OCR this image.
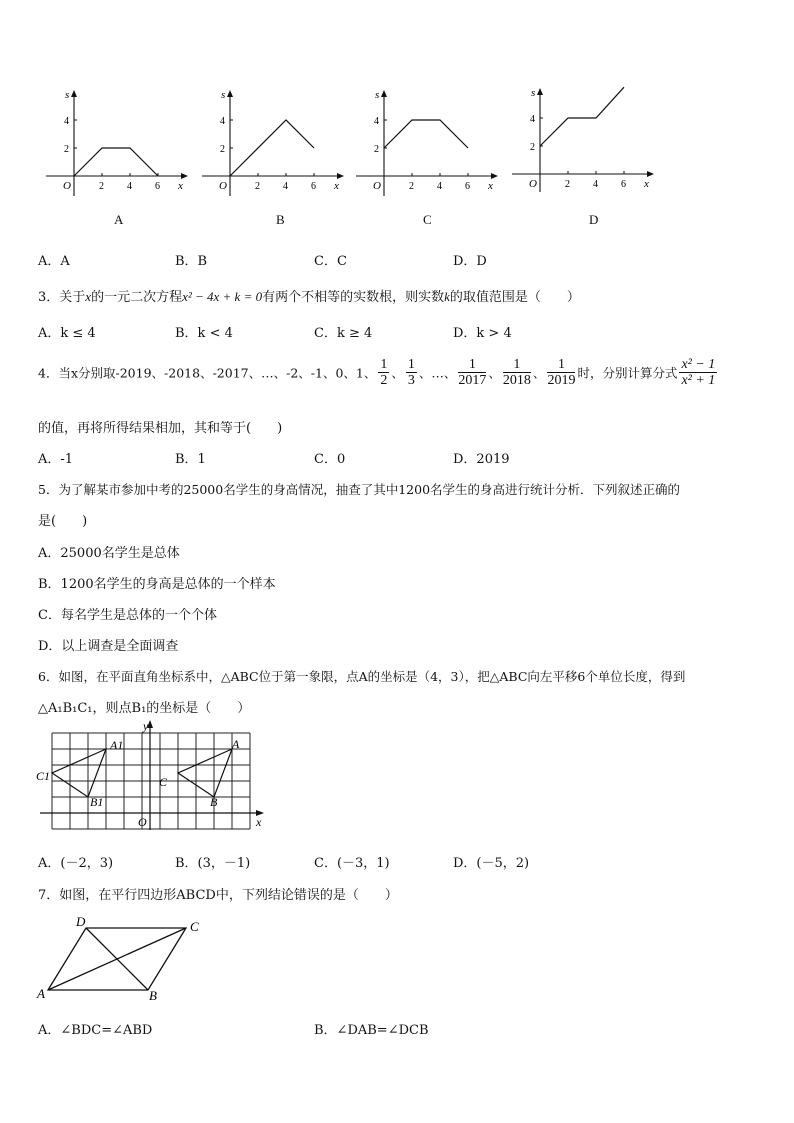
2 4 6
2
4
s
x
O
A
2 4 6
2
4
s
x
O
B
2 4 6
2
4
s
x
O
C
2 4 6
2
4
s
x
O
D
A．A	B．B	C．C	D．D
3．关于x的一元二次方程x² − 4x + k = 0有两个不相等的实数根，则实数k的取值范围是（　　）
A．k ≤ 4	B．k < 4	C．k ≥ 4	D．k > 4
4．当x分别取-2019、-2018、-2017、…、-2、-1、0、1、 $\frac{1}{2}$ 、 $\frac{1}{3}$ 、…、 $\frac{1}{2017}$ 、 $\frac{1}{2018}$ 、 $\frac{1}{2019}$ 时，分别计算分式 $\frac{\text{x² − 1}}{\text{x² + 1}}$
的值，再将所得结果相加，其和等于(　　)
A．-1	B．1	C．0	D．2019
5．为了解某市参加中考的25000名学生的身高情况，抽查了其中1200名学生的身高进行统计分析．下列叙述正确的
是(　　)
A．25000名学生是总体
B．1200名学生的身高是总体的一个样本
C．每名学生是总体的一个个体
D．以上调查是全面调查
6．如图，在平面直角坐标系中，△ABC位于第一象限，点A的坐标是（4，3），把△ABC向左平移6个单位长度，得到
△A₁B₁C₁，则点B₁的坐标是（　　）
y
x
O
A
B
C
A1
B1
C1
A．(－2，3)	B．(3，－1)	C．(－3，1)	D．(－5，2)
7．如图，在平行四边形ABCD中，下列结论错误的是（　　）
A	B
C
D
A．∠BDC=∠ABD	B．∠DAB=∠DCB
